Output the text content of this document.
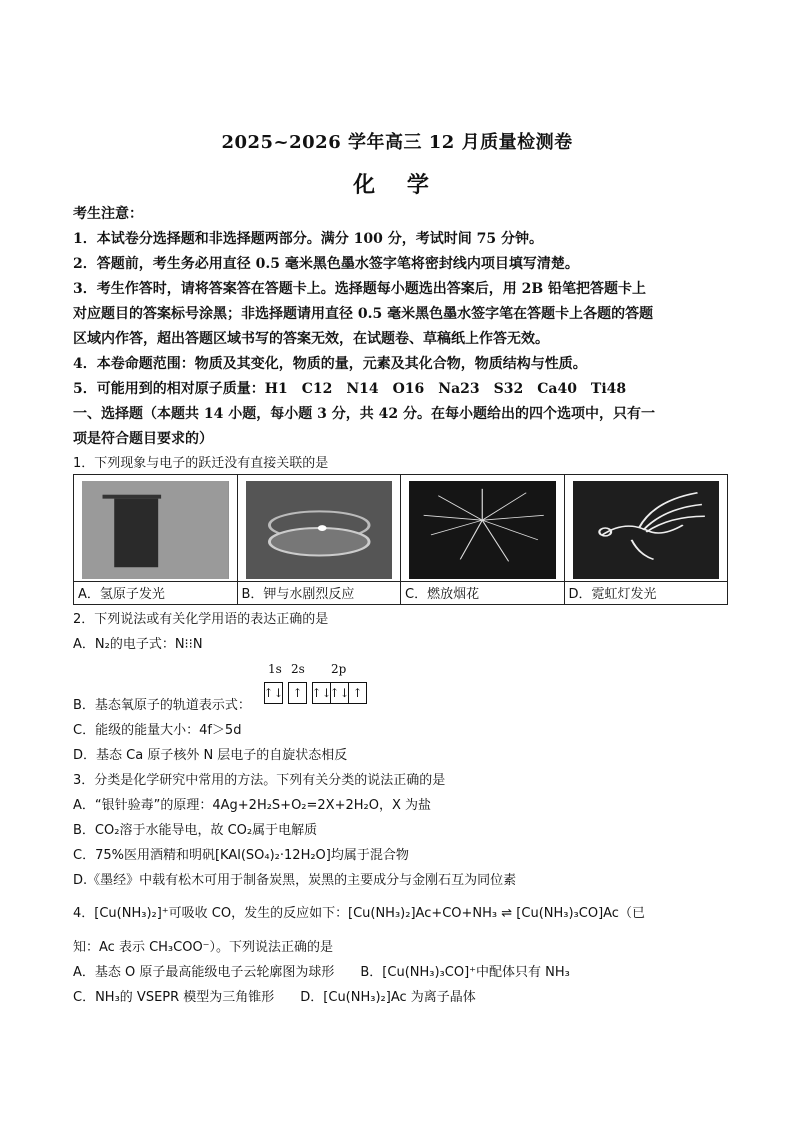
2025~2026 学年高三 12 月质量检测卷
化 学
考生注意：
1．本试卷分选择题和非选择题两部分。满分 100 分，考试时间 75 分钟。
2．答题前，考生务必用直径 0.5 毫米黑色墨水签字笔将密封线内项目填写清楚。
3．考生作答时，请将答案答在答题卡上。选择题每小题选出答案后，用 2B 铅笔把答题卡上
对应题目的答案标号涂黑；非选择题请用直径 0.5 毫米黑色墨水签字笔在答题卡上各题的答题
区域内作答，超出答题区域书写的答案无效，在试题卷、草稿纸上作答无效。
4．本卷命题范围：物质及其变化，物质的量，元素及其化合物，物质结构与性质。
5．可能用到的相对原子质量：H1　C12　N14　O16　Na23　S32　Ca40　Ti48
一、选择题（本题共 14 小题，每小题 3 分，共 42 分。在每小题给出的四个选项中，只有一
项是符合题目要求的）
1．下列现象与电子的跃迁没有直接关联的是
A．氢原子发光	B．钾与水剧烈反应	C．燃放烟花	D．霓虹灯发光
2．下列说法或有关化学用语的表达正确的是
A．N₂的电子式：N⁝⁝N
1s 2s 2p
B．基态氧原子的轨道表示式：
↑↓ ↑ ↑↓
↑↓ ↑
C．能级的能量大小：4f＞5d
D．基态 Ca 原子核外 N 层电子的自旋状态相反
3．分类是化学研究中常用的方法。下列有关分类的说法正确的是
A．“银针验毒”的原理：4Ag+2H₂S+O₂=2X+2H₂O，X 为盐
B．CO₂溶于水能导电，故 CO₂属于电解质
C．75%医用酒精和明矾[KAl(SO₄)₂·12H₂O]均属于混合物
D.《墨经》中载有松木可用于制备炭黑，炭黑的主要成分与金刚石互为同位素
4．[Cu(NH₃)₂]⁺可吸收 CO，发生的反应如下： [Cu(NH₃)₂]Ac+CO+NH₃ ⇌ [Cu(NH₃)₃CO]Ac（已
知：Ac 表示 CH₃COO⁻）。下列说法正确的是
A．基态 O 原子最高能级电子云轮廓图为球形　　B．[Cu(NH₃)₃CO]⁺中配体只有 NH₃
C．NH₃的 VSEPR 模型为三角锥形　　D．[Cu(NH₃)₂]Ac 为离子晶体
